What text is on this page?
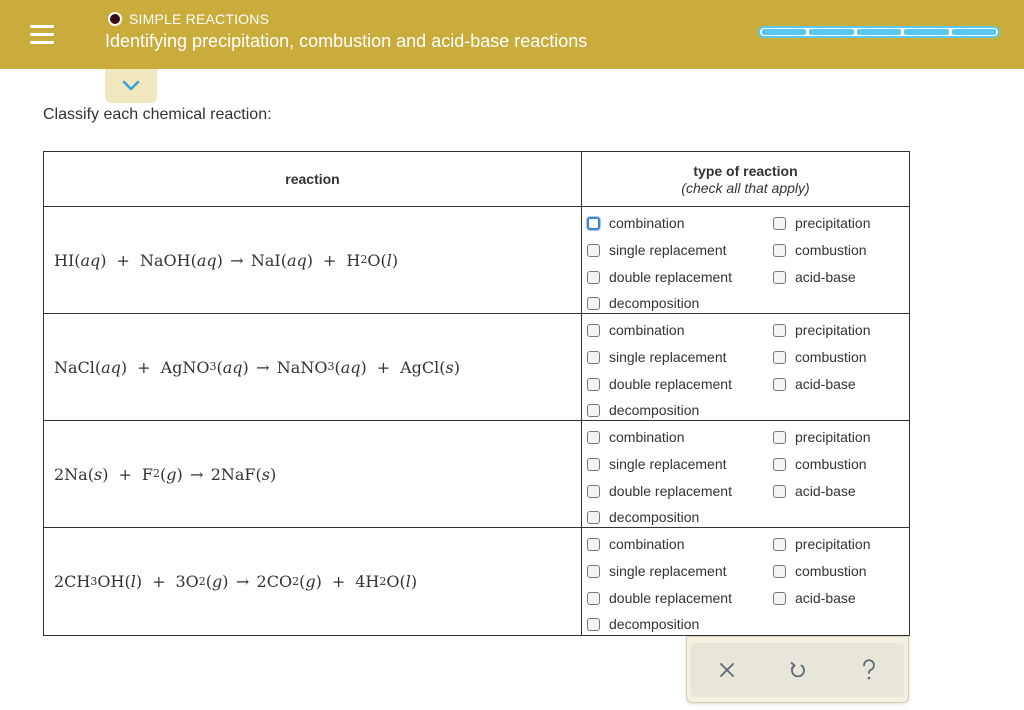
SIMPLE REACTIONS
Identifying precipitation, combustion and acid-base reactions
Classify each chemical reaction:
reaction	type of reaction
(check all that apply)
HI( aq ) + NaOH( aq ) → NaI( aq ) + H 2 O( l )
combination
single replacement
double replacement
decomposition
precipitation
combustion
acid-base
NaCl( aq ) + AgNO 3 ( aq ) → NaNO 3 ( aq ) + AgCl( s )
combination
single replacement
double replacement
decomposition
precipitation
combustion
acid-base
2Na( s ) + F 2 ( g ) → 2NaF( s )
combination
single replacement
double replacement
decomposition
precipitation
combustion
acid-base
2CH 3 OH( l ) + 3O 2 ( g ) → 2CO 2 ( g ) + 4H 2 O( l )
combination
single replacement
double replacement
decomposition
precipitation
combustion
acid-base
